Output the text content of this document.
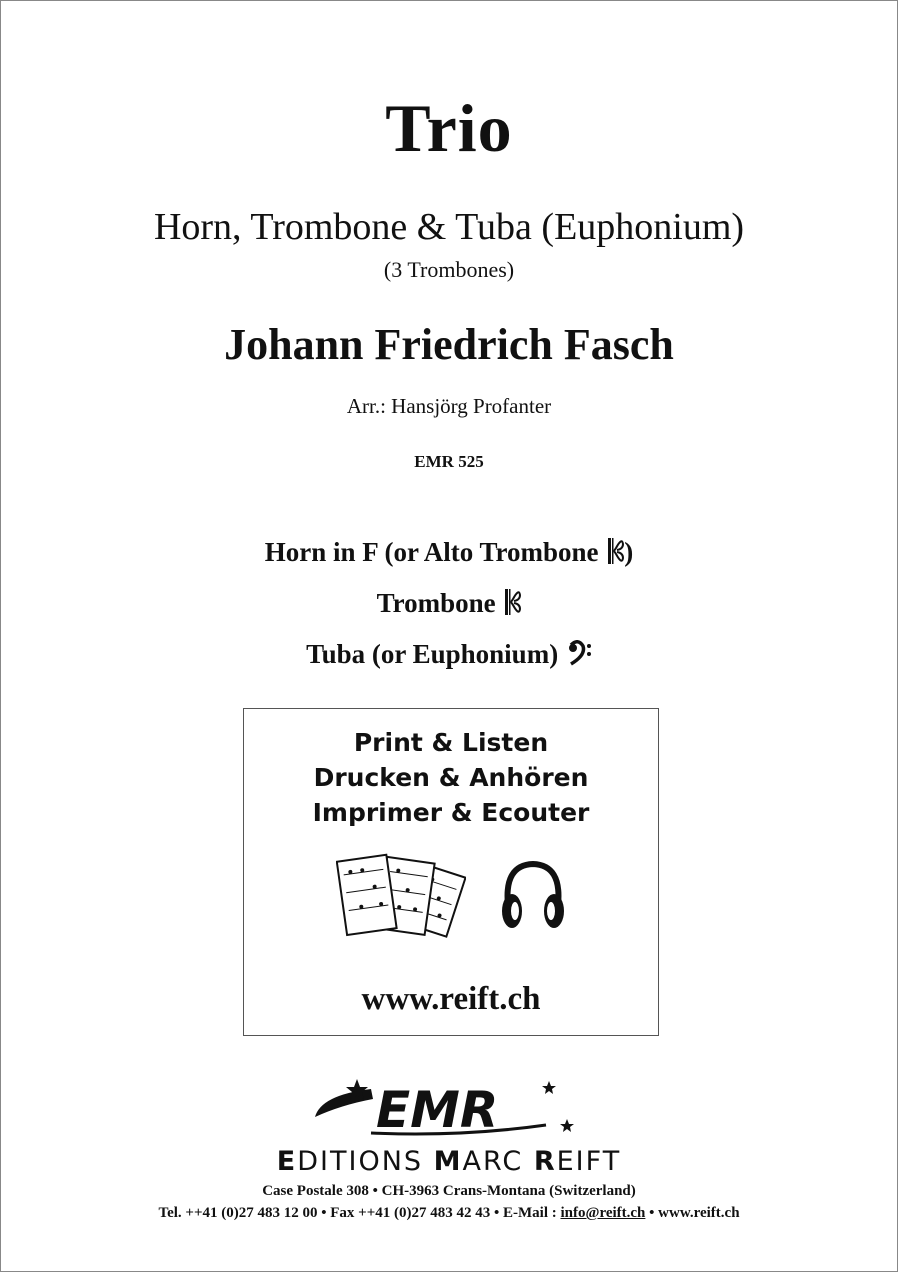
Trio
Horn, Trombone & Tuba (Euphonium)
(3 Trombones)
Johann Friedrich Fasch
Arr.: Hansjörg Profanter
EMR 525
Horn in F (or Alto Trombone )
Trombone
Tuba (or Euphonium)
Print & Listen
Drucken & Anhören
Imprimer & Ecouter
www.reift.ch
EMR
EDITIONS MARC REIFT
Case Postale 308 • CH-3963 Crans-Montana (Switzerland)
Tel. ++41 (0)27 483 12 00 • Fax ++41 (0)27 483 42 43 • E-Mail : info@reift.ch • www.reift.ch
